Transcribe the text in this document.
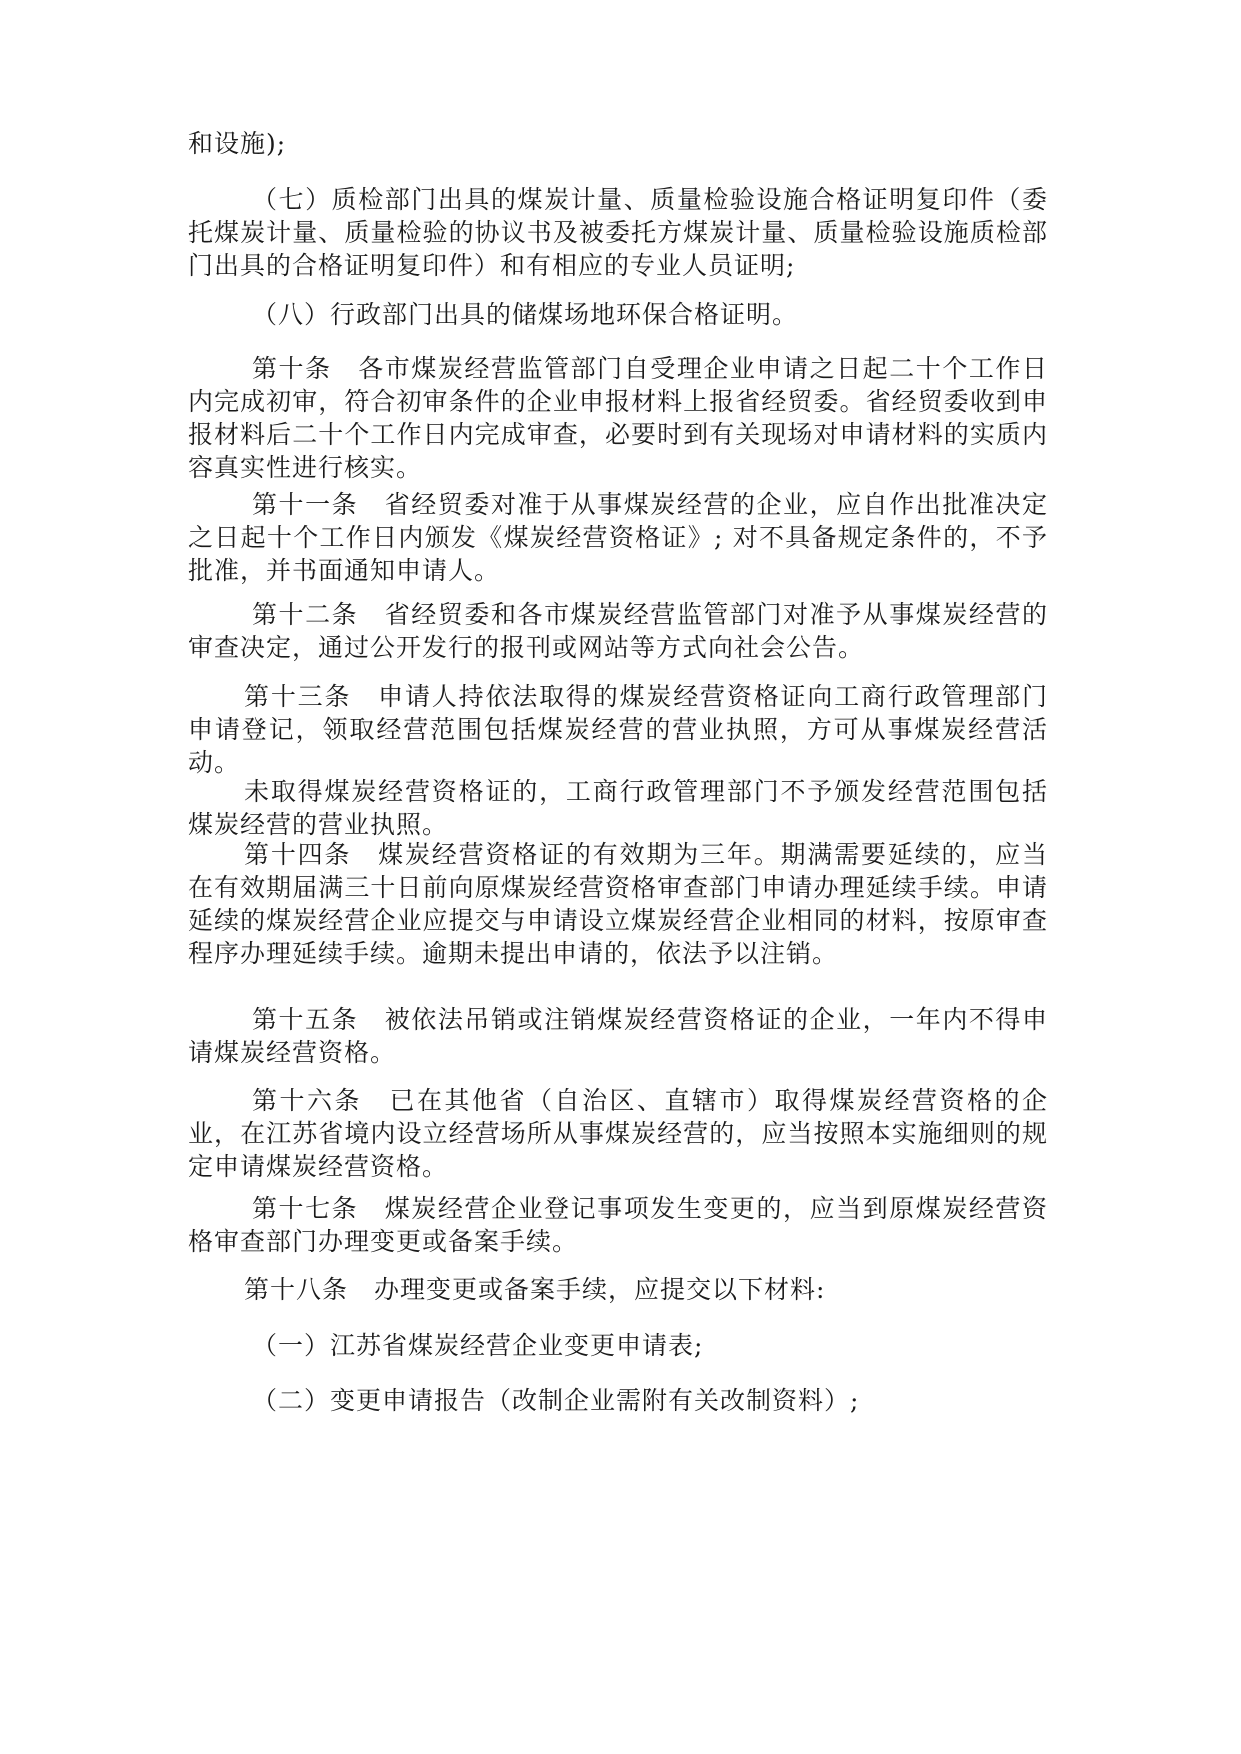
和设施);

（七）质检部门出具的煤炭计量、质量检验设施合格证明复印件（委托煤炭计量、质量检验的协议书及被委托方煤炭计量、质量检验设施质检部门出具的合格证明复印件）和有相应的专业人员证明;

（八）行政部门出具的储煤场地环保合格证明。

第十条　各市煤炭经营监管部门自受理企业申请之日起二十个工作日内完成初审，符合初审条件的企业申报材料上报省经贸委。省经贸委收到申报材料后二十个工作日内完成审查，必要时到有关现场对申请材料的实质内容真实性进行核实。

第十一条　省经贸委对准于从事煤炭经营的企业，应自作出批准决定之日起十个工作日内颁发《煤炭经营资格证》; 对不具备规定条件的，不予批准，并书面通知申请人。

第十二条　省经贸委和各市煤炭经营监管部门对准予从事煤炭经营的审查决定，通过公开发行的报刊或网站等方式向社会公告。

第十三条　申请人持依法取得的煤炭经营资格证向工商行政管理部门申请登记，领取经营范围包括煤炭经营的营业执照，方可从事煤炭经营活动。

未取得煤炭经营资格证的，工商行政管理部门不予颁发经营范围包括煤炭经营的营业执照。

第十四条　煤炭经营资格证的有效期为三年。期满需要延续的，应当在有效期届满三十日前向原煤炭经营资格审查部门申请办理延续手续。申请延续的煤炭经营企业应提交与申请设立煤炭经营企业相同的材料，按原审查程序办理延续手续。逾期未提出申请的，依法予以注销。

第十五条　被依法吊销或注销煤炭经营资格证的企业，一年内不得申请煤炭经营资格。

第十六条　已在其他省（自治区、直辖市）取得煤炭经营资格的企业，在江苏省境内设立经营场所从事煤炭经营的，应当按照本实施细则的规定申请煤炭经营资格。

第十七条　煤炭经营企业登记事项发生变更的，应当到原煤炭经营资格审查部门办理变更或备案手续。

第十八条　办理变更或备案手续，应提交以下材料:

（一）江苏省煤炭经营企业变更申请表;

（二）变更申请报告（改制企业需附有关改制资料）;
